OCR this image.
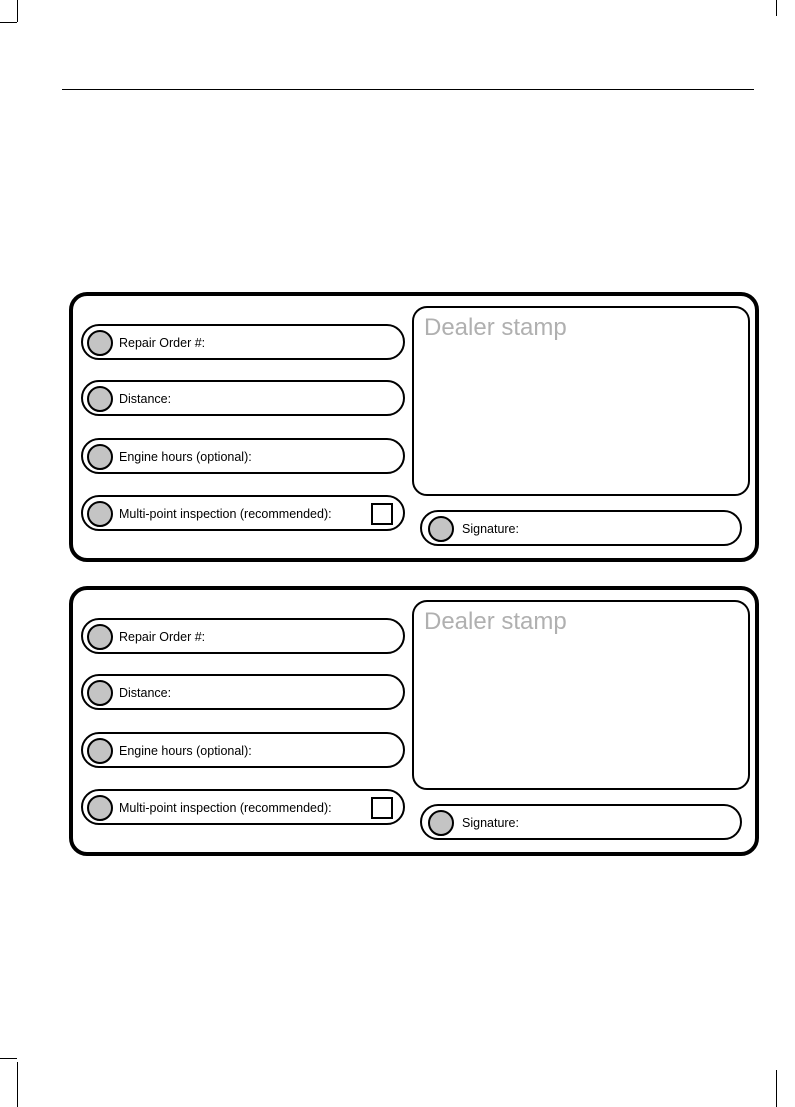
Repair Order #:
Distance:
Engine hours (optional):
Multi-point inspection (recommended):
Dealer stamp
Signature:
Repair Order #:
Distance:
Engine hours (optional):
Multi-point inspection (recommended):
Dealer stamp
Signature:
